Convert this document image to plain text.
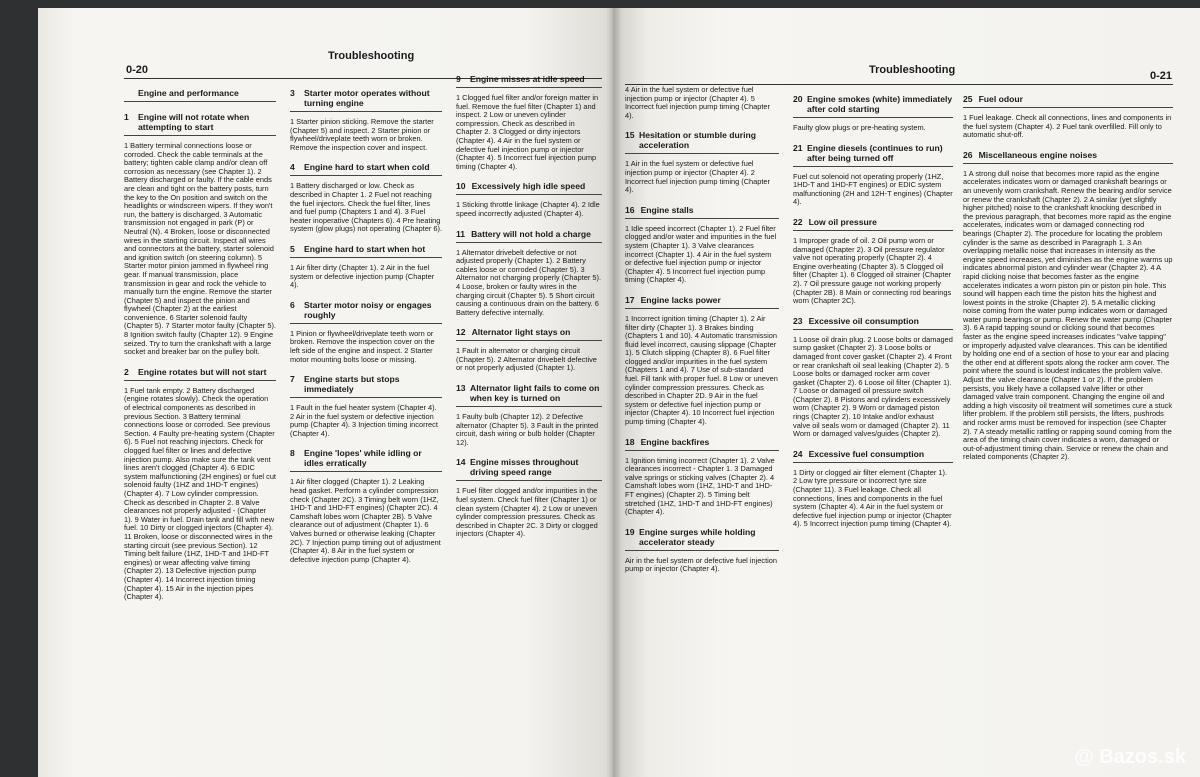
0-20
Troubleshooting
Engine and performance
1	Engine will not rotate when attempting to start

1 Battery terminal connections loose or corroded. Check the cable terminals at the battery; tighten cable clamp and/or clean off corrosion as necessary (see Chapter 1). 2 Battery discharged or faulty. If the cable ends are clean and tight on the battery posts, turn the key to the On position and switch on the headlights or windscreen wipers. If they won't run, the battery is discharged. 3 Automatic transmission not engaged in park (P) or Neutral (N). 4 Broken, loose or disconnected wires in the starting circuit. Inspect all wires and connectors at the battery, starter solenoid and ignition switch (on steering column). 5 Starter motor pinion jammed in flywheel ring gear. If manual transmission, place transmission in gear and rock the vehicle to manually turn the engine. Remove the starter (Chapter 5) and inspect the pinion and flywheel (Chapter 2) at the earliest convenience. 6 Starter solenoid faulty (Chapter 5). 7 Starter motor faulty (Chapter 5). 8 Ignition switch faulty (Chapter 12). 9 Engine seized. Try to turn the crankshaft with a large socket and breaker bar on the pulley bolt.

2	Engine rotates but will not start

1 Fuel tank empty. 2 Battery discharged (engine rotates slowly). Check the operation of electrical components as described in previous Section. 3 Battery terminal connections loose or corroded. See previous Section. 4 Faulty pre-heating system (Chapter 6). 5 Fuel not reaching injectors. Check for clogged fuel filter or lines and defective injection pump. Also make sure the tank vent lines aren't clogged (Chapter 4). 6 EDIC system malfunctioning (2H engines) or fuel cut solenoid faulty (1HZ and 1HD-T engines) (Chapter 4). 7 Low cylinder compression. Check as described in Chapter 2. 8 Valve clearances not properly adjusted - (Chapter 1). 9 Water in fuel. Drain tank and fill with new fuel. 10 Dirty or clogged injectors (Chapter 4). 11 Broken, loose or disconnected wires in the starting circuit (see previous Section). 12 Timing belt failure (1HZ, 1HD-T and 1HD-FT engines) or wear affecting valve timing (Chapter 2). 13 Defective injection pump (Chapter 4). 14 Incorrect injection timing (Chapter 4). 15 Air in the injection pipes (Chapter 4).

3	Starter motor operates without turning engine

1 Starter pinion sticking. Remove the starter (Chapter 5) and inspect. 2 Starter pinion or flywheel/driveplate teeth worn or broken. Remove the inspection cover and inspect.

4	Engine hard to start when cold

1 Battery discharged or low. Check as described in Chapter 1. 2 Fuel not reaching the fuel injectors. Check the fuel filter, lines and fuel pump (Chapters 1 and 4). 3 Fuel heater inoperative (Chapters 6). 4 Pre heating system (glow plugs) not operating (Chapter 6).

5	Engine hard to start when hot

1 Air filter dirty (Chapter 1). 2 Air in the fuel system or defective injection pump (Chapter 4).

6	Starter motor noisy or engages roughly

1 Pinion or flywheel/driveplate teeth worn or broken. Remove the inspection cover on the left side of the engine and inspect. 2 Starter motor mounting bolts loose or missing.

7	Engine starts but stops immediately

1 Fault in the fuel heater system (Chapter 4). 2 Air in the fuel system or defective injection pump (Chapter 4). 3 Injection timing incorrect (Chapter 4).

8	Engine 'lopes' while idling or idles erratically

1 Air filter clogged (Chapter 1). 2 Leaking head gasket. Perform a cylinder compression check (Chapter 2C). 3 Timing belt worn (1HZ, 1HD-T and 1HD-FT engines) (Chapter 2C). 4 Camshaft lobes worn (Chapter 2B). 5 Valve clearance out of adjustment (Chapter 1). 6 Valves burned or otherwise leaking (Chapter 2C). 7 Injection pump timing out of adjustment (Chapter 4). 8 Air in the fuel system or defective injection pump (Chapter 4).

9	Engine misses at idle speed

1 Clogged fuel filter and/or foreign matter in fuel. Remove the fuel filter (Chapter 1) and inspect. 2 Low or uneven cylinder compression. Check as described in Chapter 2. 3 Clogged or dirty injectors (Chapter 4). 4 Air in the fuel system or defective fuel injection pump or injector (Chapter 4). 5 Incorrect fuel injection pump timing (Chapter 4).

10 Excessively high idle speed

1 Sticking throttle linkage (Chapter 4). 2 Idle speed incorrectly adjusted (Chapter 4).

11 Battery will not hold a charge

1 Alternator drivebelt defective or not adjusted properly (Chapter 1). 2 Battery cables loose or corroded (Chapter 5). 3 Alternator not charging properly (Chapter 5). 4 Loose, broken or faulty wires in the charging circuit (Chapter 5). 5 Short circuit causing a continuous drain on the battery. 6 Battery defective internally.

12 Alternator light stays on

1 Fault in alternator or charging circuit (Chapter 5). 2 Alternator drivebelt defective or not properly adjusted (Chapter 1).

13 Alternator light fails to come on when key is turned on

1 Faulty bulb (Chapter 12). 2 Defective alternator (Chapter 5). 3 Fault in the printed circuit, dash wiring or bulb holder (Chapter 12).

14 Engine misses throughout driving speed range

1 Fuel filter clogged and/or impurities in the fuel system. Check fuel filter (Chapter 1) or clean system (Chapter 4). 2 Low or uneven cylinder compression pressures. Check as described in Chapter 2C. 3 Dirty or clogged injectors (Chapter 4).

Troubleshooting	0-21

4 Air in the fuel system or defective fuel injection pump or injector (Chapter 4). 5 Incorrect fuel injection pump timing (Chapter 4).

15 Hesitation or stumble during acceleration

1 Air in the fuel system or defective fuel injection pump or injector (Chapter 4). 2 Incorrect fuel injection pump timing (Chapter 4).

16 Engine stalls

1 Idle speed incorrect (Chapter 1). 2 Fuel filter clogged and/or water and impurities in the fuel system (Chapter 1). 3 Valve clearances incorrect (Chapter 1). 4 Air in the fuel system or defective fuel injection pump or injector (Chapter 4). 5 Incorrect fuel injection pump timing (Chapter 4).

17 Engine lacks power

1 Incorrect ignition timing (Chapter 1). 2 Air filter dirty (Chapter 1). 3 Brakes binding (Chapters 1 and 10). 4 Automatic transmission fluid level incorrect, causing slippage (Chapter 1). 5 Clutch slipping (Chapter 8). 6 Fuel filter clogged and/or impurities in the fuel system (Chapters 1 and 4). 7 Use of sub-standard fuel. Fill tank with proper fuel. 8 Low or uneven cylinder compression pressures. Check as described in Chapter 2D. 9 Air in the fuel system or defective fuel injection pump or injector (Chapter 4). 10 Incorrect fuel injection pump timing (Chapter 4).

18 Engine backfires

1 Ignition timing incorrect (Chapter 1). 2 Valve clearances incorrect - Chapter 1. 3 Damaged valve springs or sticking valves (Chapter 2). 4 Camshaft lobes worn (1HZ, 1HD-T and 1HD-FT engines) (Chapter 2). 5 Timing belt stretched (1HZ, 1HD-T and 1HD-FT engines) (Chapter 4).

19 Engine surges while holding accelerator steady

Air in the fuel system or defective fuel injection pump or injector (Chapter 4).

20 Engine smokes (white) immediately after cold starting

Faulty glow plugs or pre-heating system.

21 Engine diesels (continues to run) after being turned off

Fuel cut solenoid not operating properly (1HZ, 1HD-T and 1HD-FT engines) or EDIC system malfunctioning (2H and 12H-T engines) (Chapter 4).

22 Low oil pressure

1 Improper grade of oil. 2 Oil pump worn or damaged (Chapter 2). 3 Oil pressure regulator valve not operating properly (Chapter 2). 4 Engine overheating (Chapter 3). 5 Clogged oil filter (Chapter 1). 6 Clogged oil strainer (Chapter 2). 7 Oil pressure gauge not working properly (Chapter 2B). 8 Main or connecting rod bearings worn (Chapter 2C).

23 Excessive oil consumption

1 Loose oil drain plug. 2 Loose bolts or damaged sump gasket (Chapter 2). 3 Loose bolts or damaged front cover gasket (Chapter 2). 4 Front or rear crankshaft oil seal leaking (Chapter 2). 5 Loose bolts or damaged rocker arm cover gasket (Chapter 2). 6 Loose oil filter (Chapter 1). 7 Loose or damaged oil pressure switch (Chapter 2). 8 Pistons and cylinders excessively worn (Chapter 2). 9 Worn or damaged piston rings (Chapter 2). 10 Intake and/or exhaust valve oil seals worn or damaged (Chapter 2). 11 Worn or damaged valves/guides (Chapter 2).

24 Excessive fuel consumption

1 Dirty or clogged air filter element (Chapter 1). 2 Low tyre pressure or incorrect tyre size (Chapter 11). 3 Fuel leakage. Check all connections, lines and components in the fuel system (Chapter 4). 4 Air in the fuel system or defective fuel injection pump or injector (Chapter 4). 5 Incorrect injection pump timing (Chapter 4).

25 Fuel odour

1 Fuel leakage. Check all connections, lines and components in the fuel system (Chapter 4). 2 Fuel tank overfilled. Fill only to automatic shut-off.

26 Miscellaneous engine noises

1 A strong dull noise that becomes more rapid as the engine accelerates indicates worn or damaged crankshaft bearings or an unevenly worn crankshaft. Renew the bearing and/or service or renew the crankshaft (Chapter 2). 2 A similar (yet slightly higher pitched) noise to the crankshaft knocking described in the previous paragraph, that becomes more rapid as the engine accelerates, indicates worn or damaged connecting rod bearings (Chapter 2). The procedure for locating the problem cylinder is the same as described in Paragraph 1. 3 An overlapping metallic noise that increases in intensity as the engine speed increases, yet diminishes as the engine warms up indicates abnormal piston and cylinder wear (Chapter 2). 4 A rapid clicking noise that becomes faster as the engine accelerates indicates a worn piston pin or piston pin hole. This sound will happen each time the piston hits the highest and lowest points in the stroke (Chapter 2). 5 A metallic clicking noise coming from the water pump indicates worn or damaged water pump bearings or pump. Renew the water pump (Chapter 3). 6 A rapid tapping sound or clicking sound that becomes faster as the engine speed increases indicates "valve tapping" or improperly adjusted valve clearances. This can be identified by holding one end of a section of hose to your ear and placing the other end at different spots along the rocker arm cover. The point where the sound is loudest indicates the problem valve. Adjust the valve clearance (Chapter 1 or 2). If the problem persists, you likely have a collapsed valve lifter or other damaged valve train component. Changing the engine oil and adding a high viscosity oil treatment will sometimes cure a stuck lifter problem. If the problem still persists, the lifters, pushrods and rocker arms must be removed for inspection (see Chapter 2). 7 A steady metallic rattling or rapping sound coming from the area of the timing chain cover indicates a worn, damaged or out-of-adjustment timing chain. Service or renew the chain and related components (Chapter 2).

@ Bazos.sk
